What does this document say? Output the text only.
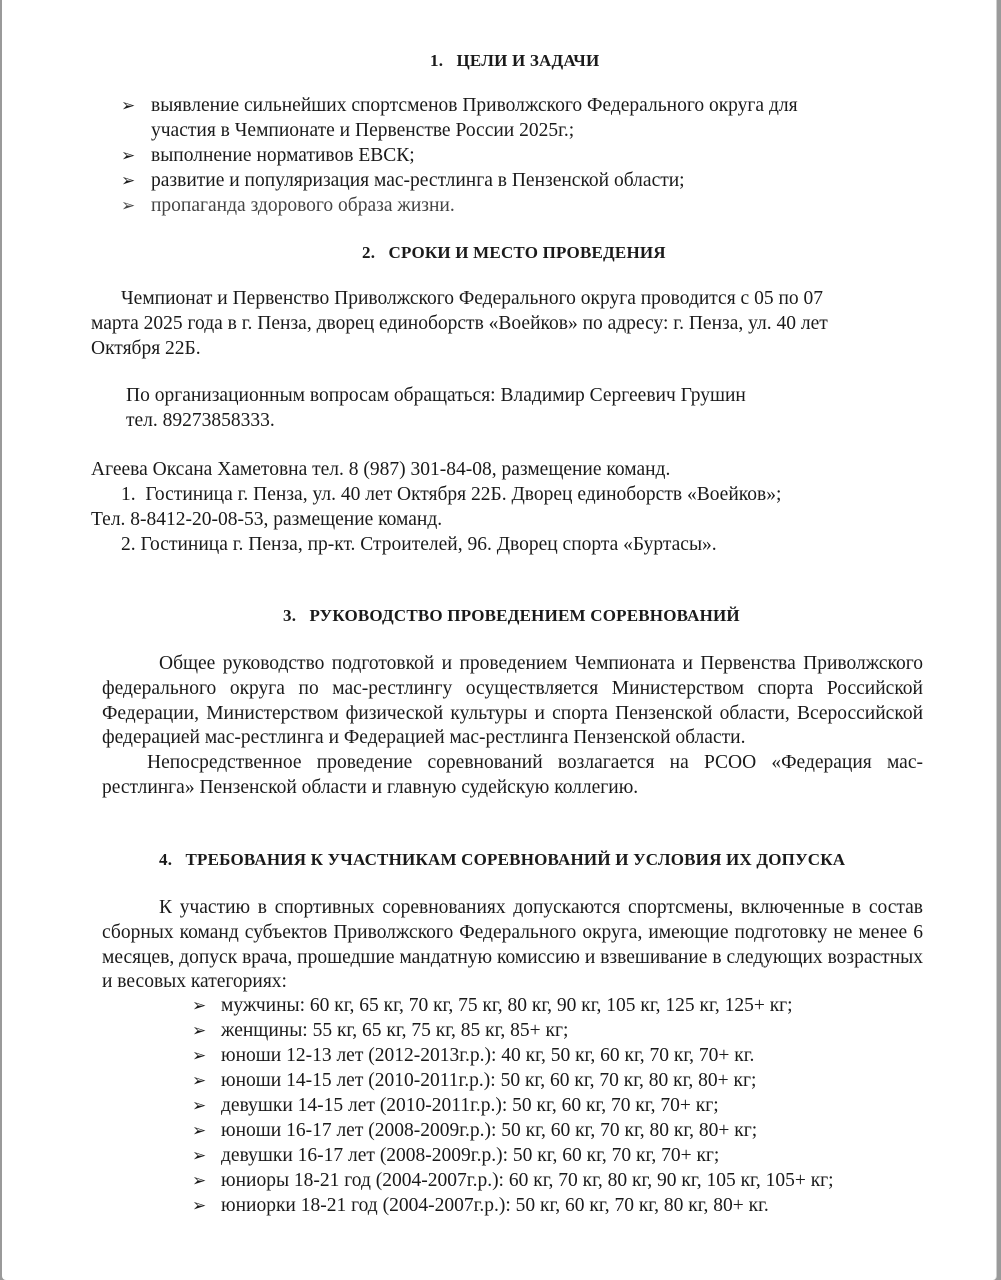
1.   ЦЕЛИ И ЗАДАЧИ
➢ выявление сильнейших спортсменов Приволжского Федерального округа для
участия в Чемпионате и Первенстве России 2025г.;
➢ выполнение нормативов ЕВСК;
➢ развитие и популяризация мас-рестлинга в Пензенской области;
➢ пропаганда здорового образа жизни.
2.   СРОКИ И МЕСТО ПРОВЕДЕНИЯ
Чемпионат и Первенство Приволжского Федерального округа проводится с 05 по 07
марта 2025 года в г. Пенза, дворец единоборств «Воейков» по адресу: г. Пенза, ул. 40 лет
Октября 22Б.
По организационным вопросам обращаться: Владимир Сергеевич Грушин
тел. 89273858333.
Агеева Оксана Хаметовна тел. 8 (987) 301-84-08, размещение команд.
1.  Гостиница г. Пенза, ул. 40 лет Октября 22Б. Дворец единоборств «Воейков»;
Тел. 8-8412-20-08-53, размещение команд.
2. Гостиница г. Пенза, пр-кт. Строителей, 96. Дворец спорта «Буртасы».
3.   РУКОВОДСТВО ПРОВЕДЕНИЕМ СОРЕВНОВАНИЙ

Общее руководство подготовкой и проведением Чемпионата и Первенства Приволжского федерального округа по мас-рестлингу осуществляется Министерством спорта Российской Федерации, Министерством физической культуры и спорта Пензенской области, Всероссийской федерацией мас-рестлинга и Федерацией мас-рестлинга Пензенской области.

Непосредственное проведение соревнований возлагается на РСОО «Федерация мас-рестлинга» Пензенской области и главную судейскую коллегию.

4.   ТРЕБОВАНИЯ К УЧАСТНИКАМ СОРЕВНОВАНИЙ И УСЛОВИЯ ИХ ДОПУСКА

К участию в спортивных соревнованиях допускаются спортсмены, включенные в состав сборных команд субъектов Приволжского Федерального округа, имеющие подготовку не менее 6 месяцев, допуск врача, прошедшие мандатную комиссию и взвешивание в следующих возрастных и весовых категориях:

➢ мужчины: 60 кг, 65 кг, 70 кг, 75 кг, 80 кг, 90 кг, 105 кг, 125 кг, 125+ кг;
➢ женщины: 55 кг, 65 кг, 75 кг, 85 кг, 85+ кг;
➢ юноши 12-13 лет (2012-2013г.р.): 40 кг, 50 кг, 60 кг, 70 кг, 70+ кг.
➢ юноши 14-15 лет (2010-2011г.р.): 50 кг, 60 кг, 70 кг, 80 кг, 80+ кг;
➢ девушки 14-15 лет (2010-2011г.р.): 50 кг, 60 кг, 70 кг, 70+ кг;
➢ юноши 16-17 лет (2008-2009г.р.): 50 кг, 60 кг, 70 кг, 80 кг, 80+ кг;
➢ девушки 16-17 лет (2008-2009г.р.): 50 кг, 60 кг, 70 кг, 70+ кг;
➢ юниоры 18-21 год (2004-2007г.р.): 60 кг, 70 кг, 80 кг, 90 кг, 105 кг, 105+ кг;
➢ юниорки 18-21 год (2004-2007г.р.): 50 кг, 60 кг, 70 кг, 80 кг, 80+ кг.
